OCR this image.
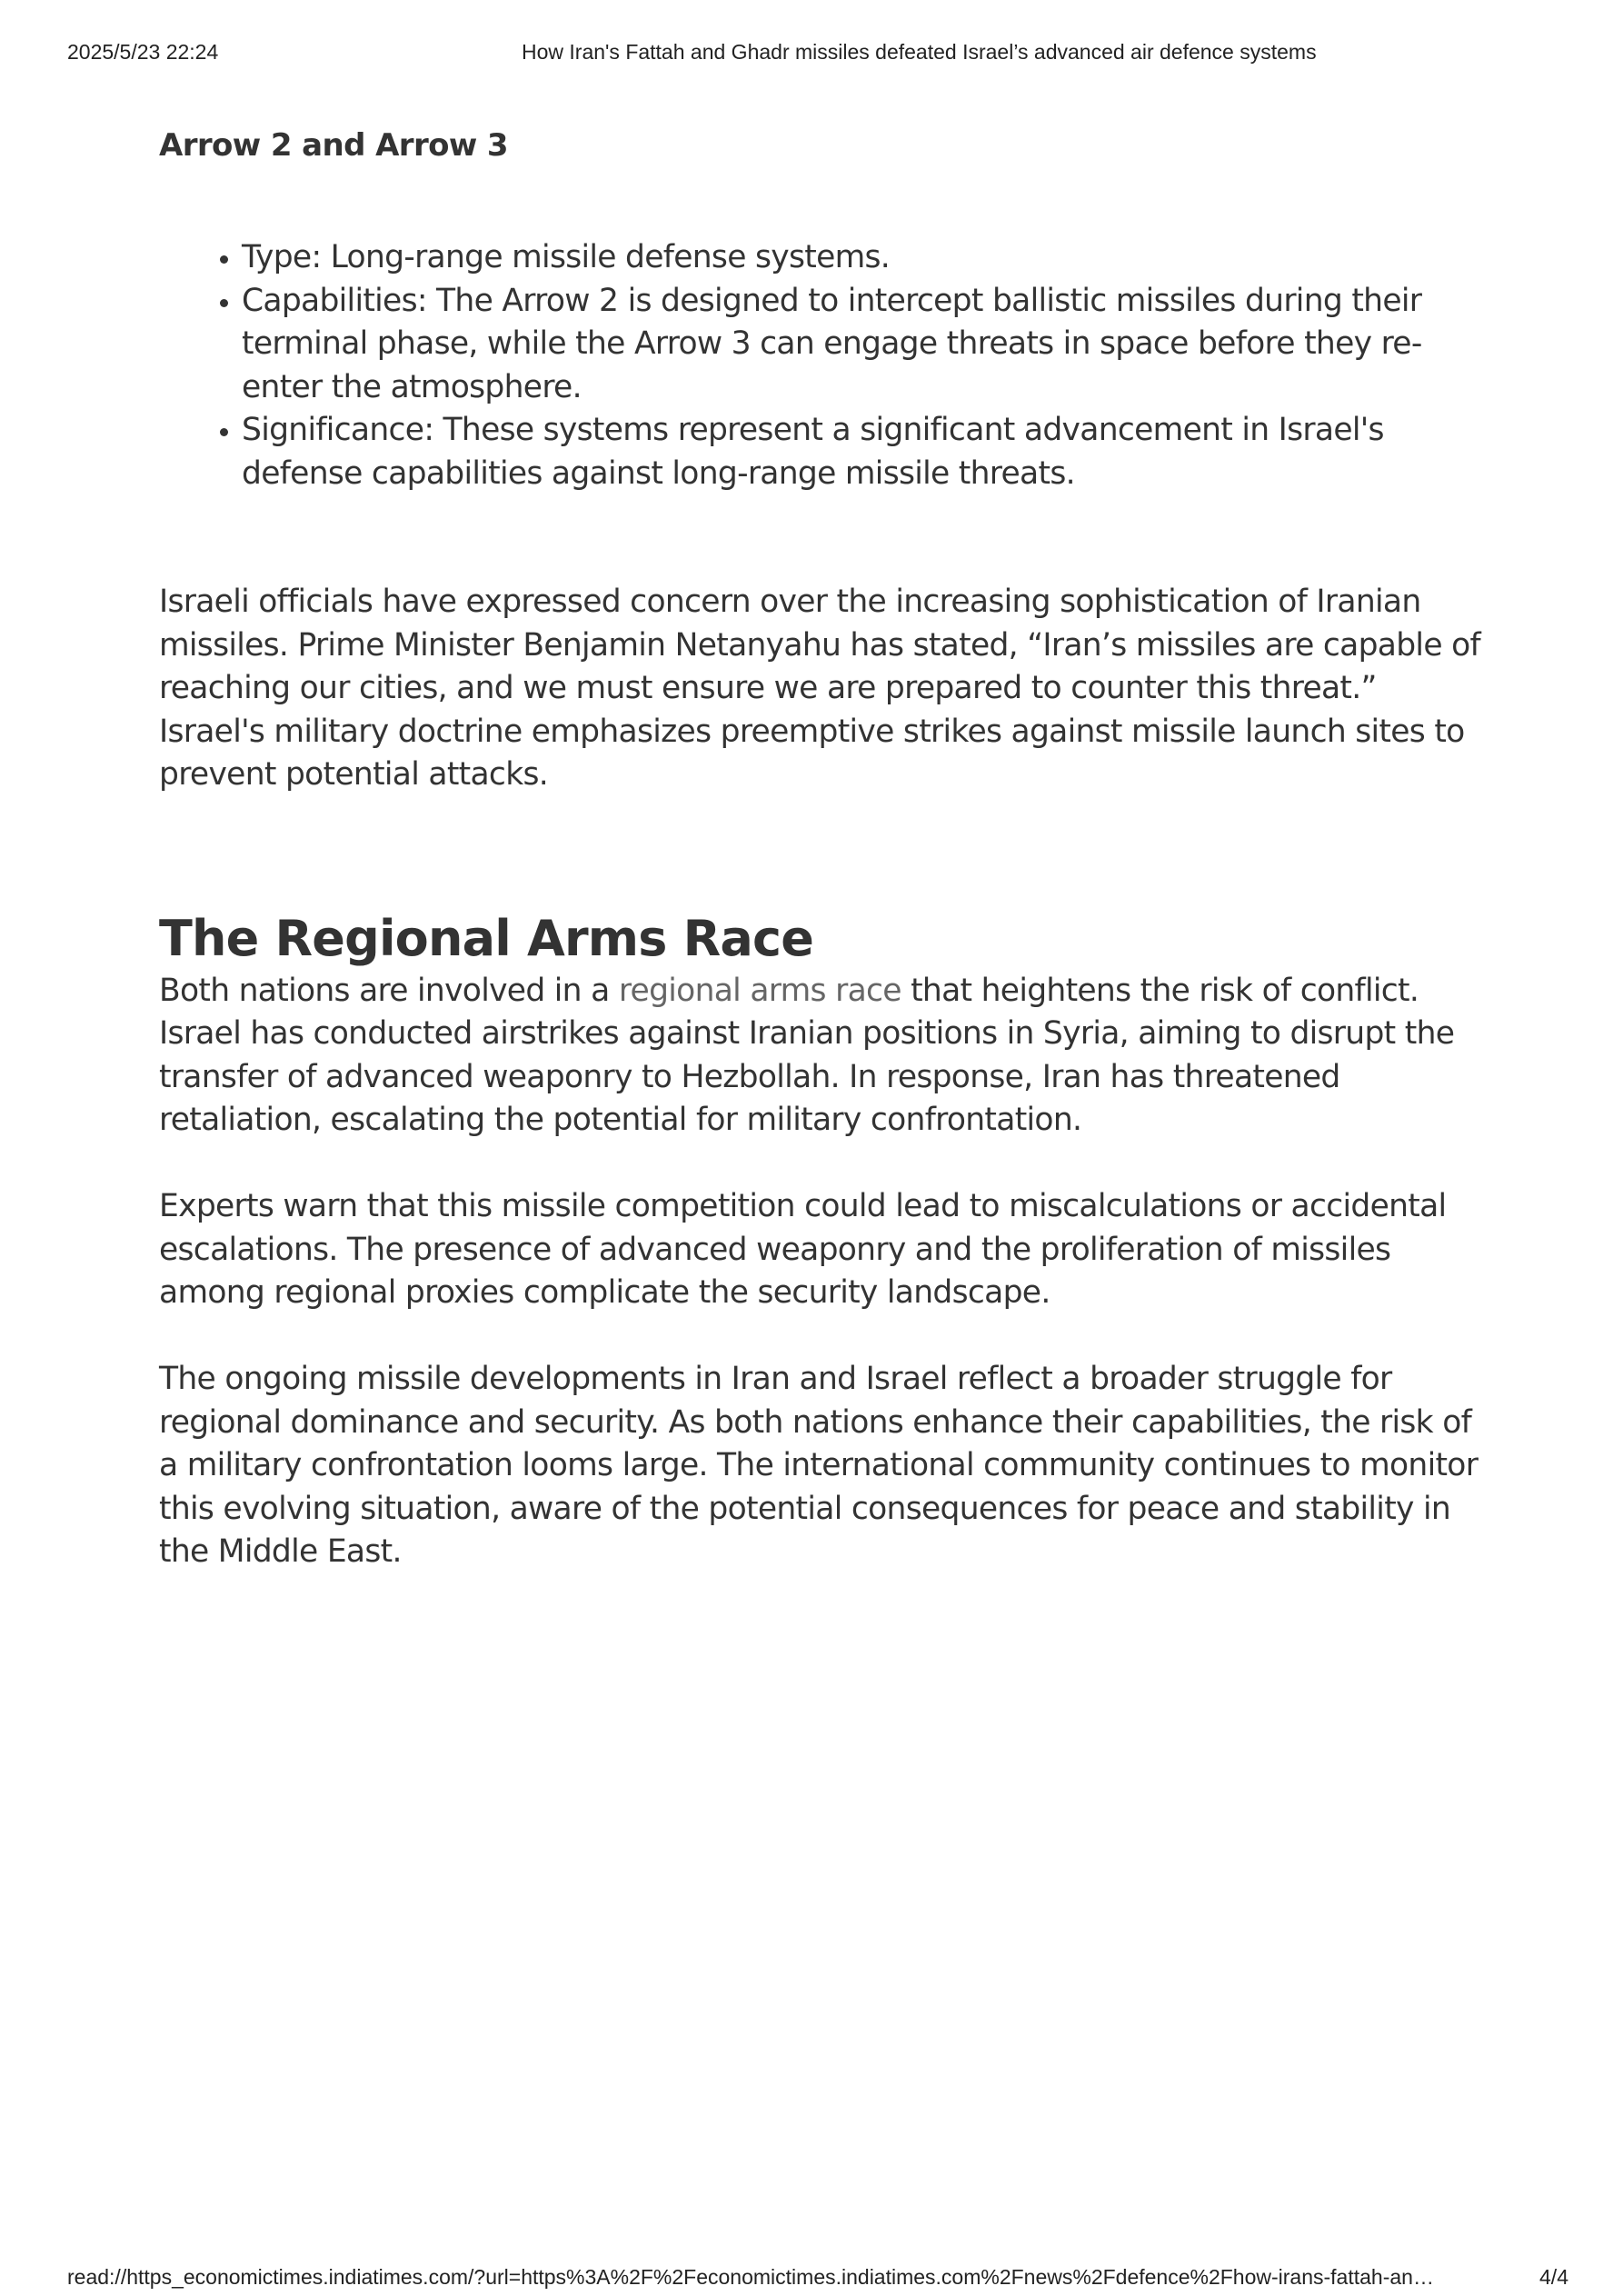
2025/5/23 22:24	How Iran's Fattah and Ghadr missiles defeated Israel’s advanced air defence systems
Arrow 2 and Arrow 3
• Type: Long-range missile defense systems.
• Capabilities: The Arrow 2 is designed to intercept ballistic missiles during their terminal phase, while the Arrow 3 can engage threats in space before they re-enter the atmosphere.
• Significance: These systems represent a significant advancement in Israel's defense capabilities against long-range missile threats.

Israeli officials have expressed concern over the increasing sophistication of Iranian missiles. Prime Minister Benjamin Netanyahu has stated, “Iran’s missiles are capable of reaching our cities, and we must ensure we are prepared to counter this threat.” Israel's military doctrine emphasizes preemptive strikes against missile launch sites to prevent potential attacks.

The Regional Arms Race

Both nations are involved in a regional arms race that heightens the risk of conflict. Israel has conducted airstrikes against Iranian positions in Syria, aiming to disrupt the transfer of advanced weaponry to Hezbollah. In response, Iran has threatened retaliation, escalating the potential for military confrontation.

Experts warn that this missile competition could lead to miscalculations or accidental escalations. The presence of advanced weaponry and the proliferation of missiles among regional proxies complicate the security landscape.

The ongoing missile developments in Iran and Israel reflect a broader struggle for regional dominance and security. As both nations enhance their capabilities, the risk of a military confrontation looms large. The international community continues to monitor this evolving situation, aware of the potential consequences for peace and stability in the Middle East.

read://https_economictimes.indiatimes.com/?url=https%3A%2F%2Feconomictimes.indiatimes.com%2Fnews%2Fdefence%2Fhow-irans-fattah-an…	4/4
